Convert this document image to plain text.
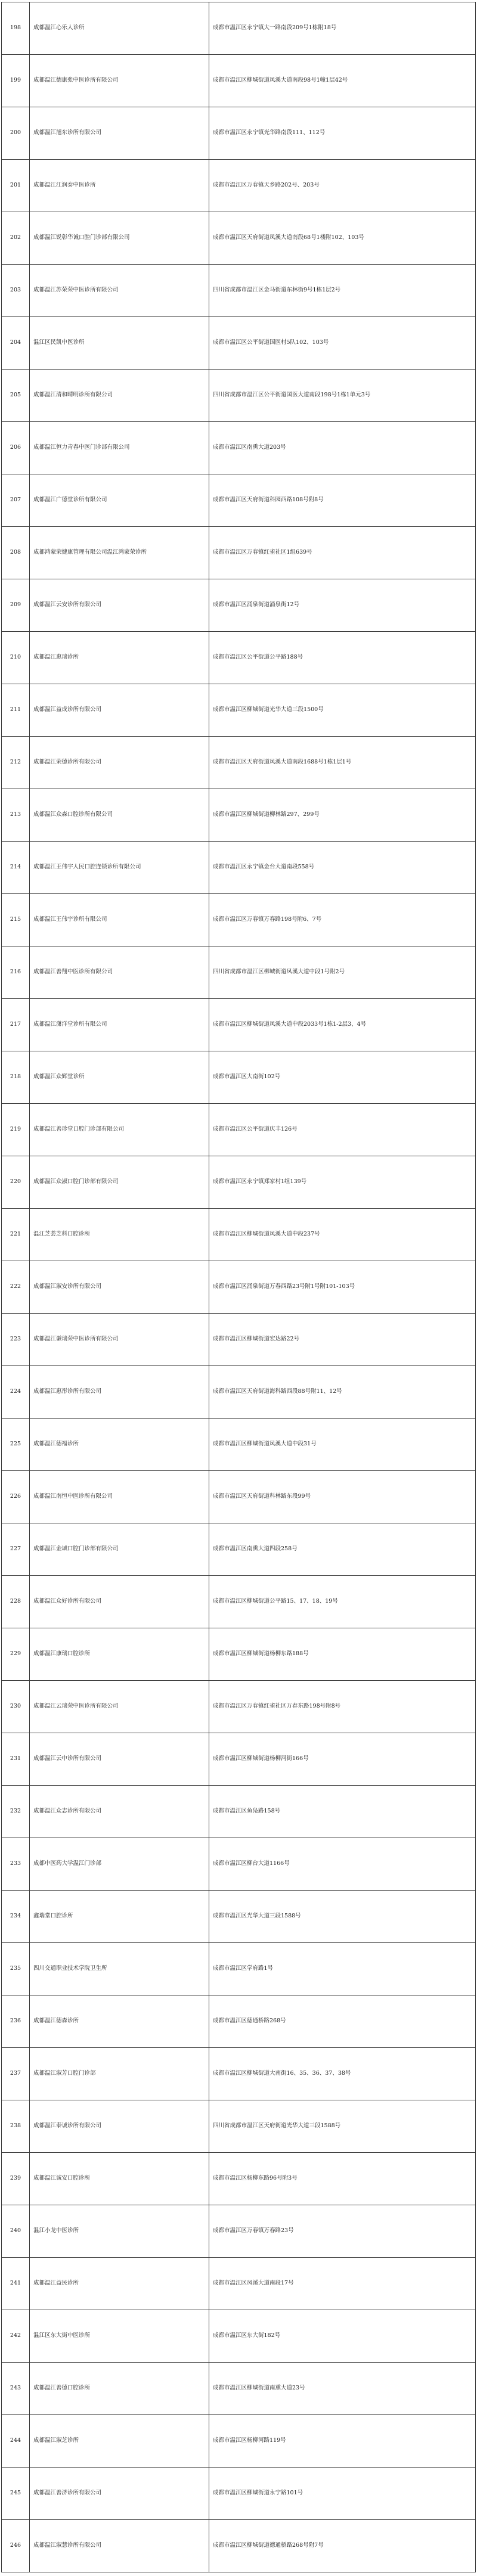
198	成都温江心乐人诊所	成都市温江区永宁镇大一路南段209号1栋附18号
199	成都温江德康张中医诊所有限公司	成都市温江区柳城街道凤溪大道南段98号1幢1层42号
200	成都温江旭东诊所有限公司	成都市温江区永宁镇光华路南段111、112号
201	成都温江江润泰中医诊所	成都市温江区万春镇天乡路202号、203号
202	成都温江锐彰华诚口腔门诊部有限公司	成都市温江区天府街道凤溪大道南段68号1楼附102、103号
203	成都温江苏荣荣中医诊所有限公司	四川省成都市温江区金马街道东林街9号1栋1层2号
204	温江区民凯中医诊所	成都市温江区公平街道国医村5队102、103号
205	成都温江清和晴明诊所有限公司	四川省成都市温江区公平街道国医大道南段198号1栋1单元3号
206	成都温江恒力青春中医门诊部有限公司	成都市温江区南熏大道203号
207	成都温江广德堂诊所有限公司	成都市温江区天府街道科园西路108号附8号
208	成都鸿蒙荣健康管理有限公司温江鸿蒙荣诊所	成都市温江区万春镇红雀社区1组639号
209	成都温江云安诊所有限公司	成都市温江区涌泉街道涌泉街12号
210	成都温江惠瑞诊所	成都市温江区公平街道公平路188号
211	成都温江益成诊所有限公司	成都市温江区柳城街道光华大道三段1500号
212	成都温江荣德诊所有限公司	成都市温江区天府街道凤溪大道南段1688号1栋1层1号
213	成都温江众森口腔诊所有限公司	成都市温江区柳城街道柳林路297、299号
214	成都温江王伟宇人民口腔连锁诊所有限公司	成都市温江区永宁镇金台大道南段558号
215	成都温江王伟宇诊所有限公司	成都市温江区万春镇万春路198号附6、7号
216	成都温江善翔中医诊所有限公司	四川省成都市温江区柳城街道凤溪大道中段1号附2号
217	成都温江潇洋堂诊所有限公司	成都市温江区柳城街道凤溪大道中段2033号1栋1-2层3、4号
218	成都温江众辉堂诊所	成都市温江区大南街102号
219	成都温江善珍堂口腔门诊部有限公司	成都市温江区公平街道庆丰126号
220	成都温江众淑口腔门诊部有限公司	成都市温江区永宁镇郑家村1组139号
221	温江芝荟芝科口腔诊所	成都市温江区柳城街道凤溪大道中段237号
222	成都温江淑安诊所有限公司	成都市温江区涌泉街道万春西路23号附1号附101-103号
223	成都温江谦瑞荣中医诊所有限公司	成都市温江区柳城街道宏达路22号
224	成都温江惠彤诊所有限公司	成都市温江区天府街道海科路西段88号附11、12号
225	成都温江德福诊所	成都市温江区柳城街道凤溪大道中段31号
226	成都温江南恒中医诊所有限公司	成都市温江区天府街道科林路东段99号
227	成都温江金城口腔门诊部有限公司	成都市温江区南熏大道四段258号
228	成都温江众好诊所有限公司	成都市温江区柳城街道公平路15、17、18、19号
229	成都温江康瑞口腔诊所	成都市温江区柳城街道杨柳东路188号
230	成都温江云瑞荣中医诊所有限公司	成都市温江区万春镇红雀社区万春东路198号附8号
231	成都温江云中诊所有限公司	成都市温江区柳城街道杨柳河街166号
232	成都温江众志诊所有限公司	成都市温江区鱼凫路158号
233	成都中医药大学温江门诊部	成都市温江区柳台大道1166号
234	鑫瑞堂口腔诊所	成都市温江区光华大道三段1588号
235	四川交通职业技术学院卫生所	成都市温江区学府路1号
236	成都温江德森诊所	成都市温江区德通桥路268号
237	成都温江淑芳口腔门诊部	成都市温江区柳城街道大南街16、35、36、37、38号
238	成都温江泰诚诊所有限公司	四川省成都市温江区天府街道光华大道三段1588号
239	成都温江诚安口腔诊所	成都市温江区杨柳东路96号附3号
240	温江小龙中医诊所	成都市温江区万春镇万春路23号
241	成都温江益民诊所	成都市温江区凤溪大道南段17号
242	温江区东大街中医诊所	成都市温江区东大街182号
243	成都温江善德口腔诊所	成都市温江区柳城街道南熏大道23号
244	成都温江淑芝诊所	成都市温江区杨柳河路119号
245	成都温江善济诊所有限公司	成都市温江区柳城街道永宁路101号
246	成都温江淑慧诊所有限公司	成都市温江区柳城街道德通桥路268号附7号
